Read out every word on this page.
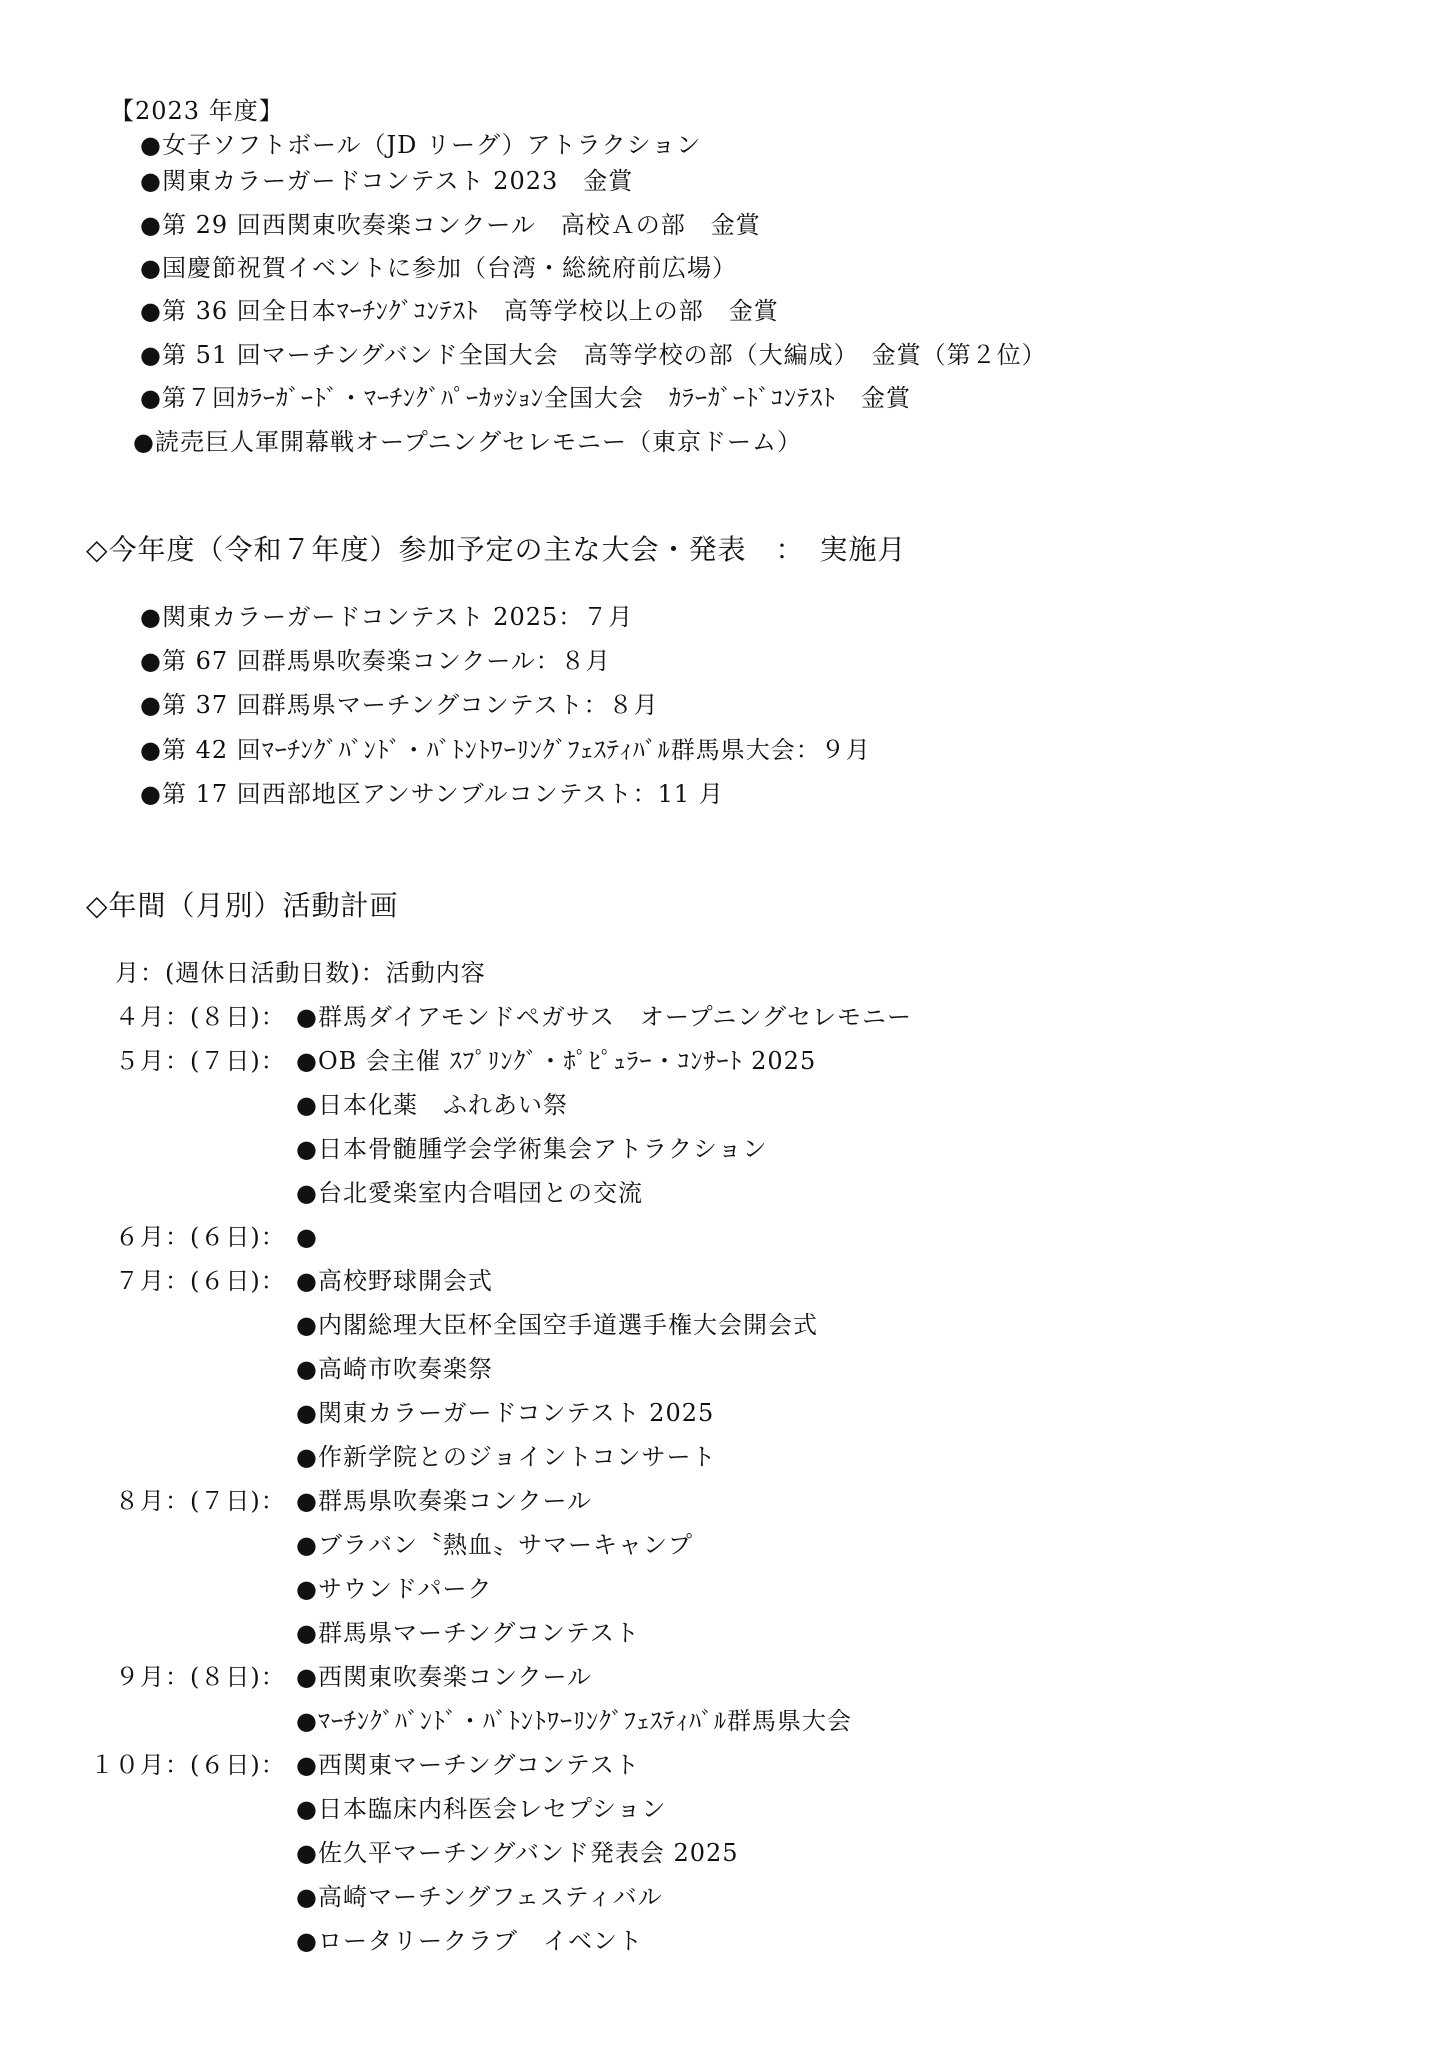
【2023 年度】
●女子ソフトボール（JD リーグ）アトラクション
●関東カラーガードコンテスト 2023　金賞
●第 29 回西関東吹奏楽コンクール　高校Ａの部　金賞
●国慶節祝賀イベントに参加（台湾・総統府前広場）
●第 36 回全日本ﾏｰﾁﾝｸﾞｺﾝﾃｽﾄ　高等学校以上の部　金賞
●第 51 回マーチングバンド全国大会　高等学校の部（大編成）　金賞（第２位）
●第７回ｶﾗｰｶﾞｰﾄﾞ・ﾏｰﾁﾝｸﾞﾊﾟｰｶｯｼｮﾝ全国大会　ｶﾗｰｶﾞｰﾄﾞｺﾝﾃｽﾄ　金賞
●読売巨人軍開幕戦オープニングセレモニー（東京ドーム）
◇今年度（令和７年度）参加予定の主な大会・発表　：　実施月
●関東カラーガードコンテスト 2025：７月
●第 67 回群馬県吹奏楽コンクール：８月
●第 37 回群馬県マーチングコンテスト：８月
●第 42 回ﾏｰﾁﾝｸﾞﾊﾞﾝﾄﾞ・ﾊﾞﾄﾝﾄﾜｰﾘﾝｸﾞﾌｪｽﾃｨﾊﾞﾙ群馬県大会：９月
●第 17 回西部地区アンサンブルコンテスト：11 月
◇年間（月別）活動計画
月：(週休日活動日数)：活動内容
４月：(８日)： ●群馬ダイアモンドペガサス　オープニングセレモニー
５月：(７日)： ●OB 会主催 ｽﾌﾟﾘﾝｸﾞ・ﾎﾟﾋﾟｭﾗｰ・ｺﾝｻｰﾄ 2025
●日本化薬　ふれあい祭
●日本骨髄腫学会学術集会アトラクション
●台北愛楽室内合唱団との交流
６月：(６日)： ●
７月：(６日)： ●高校野球開会式
●内閣総理大臣杯全国空手道選手権大会開会式
●高崎市吹奏楽祭
●関東カラーガードコンテスト 2025
●作新学院とのジョイントコンサート
８月：(７日)： ●群馬県吹奏楽コンクール
●ブラバン〝熱血〟サマーキャンプ
●サウンドパーク
●群馬県マーチングコンテスト
９月：(８日)： ●西関東吹奏楽コンクール
●ﾏｰﾁﾝｸﾞﾊﾞﾝﾄﾞ・ﾊﾞﾄﾝﾄﾜｰﾘﾝｸﾞﾌｪｽﾃｨﾊﾞﾙ群馬県大会
１０月：(６日)： ●西関東マーチングコンテスト
●日本臨床内科医会レセプション
●佐久平マーチングバンド発表会 2025
●高崎マーチングフェスティバル
●ロータリークラブ　イベント
